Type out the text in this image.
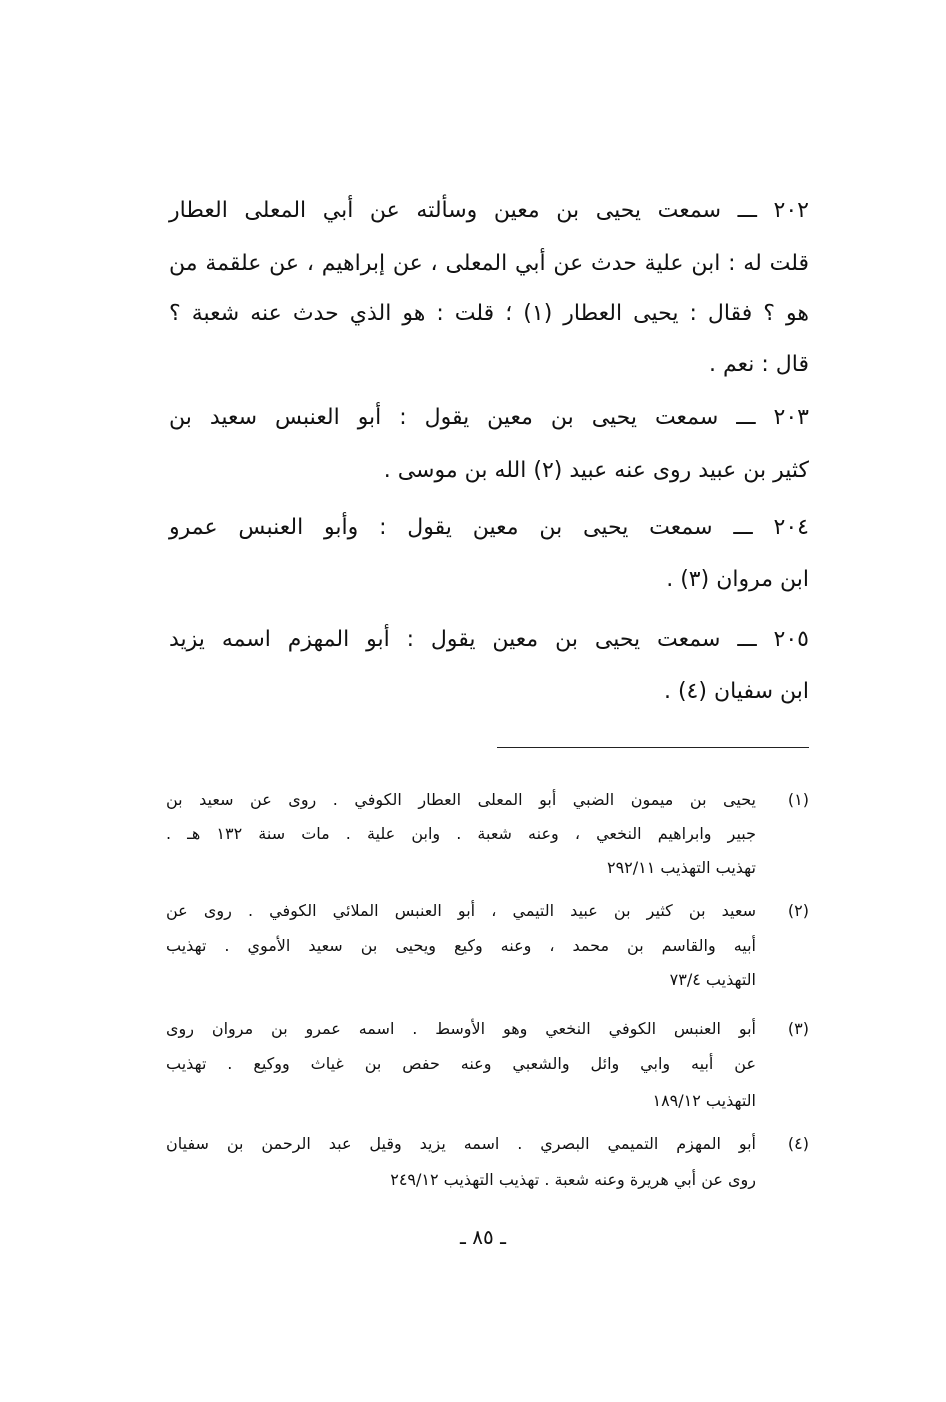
٢٠٢ ـــ سمعت يحيى بن معين وسألته عن أبي المعلى العطار
قلت له : ابن علية حدث عن أبي المعلى ، عن إبراهيم ، عن علقمة من
هو ؟ فقال : يحيى العطار (١) ؛ قلت : هو الذي حدث عنه شعبة ؟
قال : نعم .
٢٠٣ ـــ سمعت يحيى بن معين يقول : أبو العنبس سعيد بن
كثير بن عبيد روى عنه عبيد (٢) الله بن موسى .
٢٠٤ ـــ سمعت يحيى بن معين يقول : وأبو العنبس عمرو
ابن مروان (٣) .
٢٠٥ ـــ سمعت يحيى بن معين يقول : أبو المهزم اسمه يزيد
ابن سفيان (٤) .
(١)
يحيى بن ميمون الضبي أبو المعلى العطار الكوفي . روى عن سعيد بن
جبير وابراهيم النخعي ، وعنه شعبة . وابن علية . مات سنة ١٣٢ هـ .
تهذيب التهذيب ٢٩٢/١١
(٢)
سعيد بن كثير بن عبيد التيمي ، أبو العنبس الملائي الكوفي . روى عن
أبيه والقاسم بن محمد ، وعنه وكيع ويحيى بن سعيد الأموي . تهذيب
التهذيب ٧٣/٤
(٣)
أبو العنبس الكوفي النخعي وهو الأوسط . اسمه عمرو بن مروان روى
عن أبيه وابي وائل والشعبي وعنه حفص بن غياث ووكيع . تهذيب
التهذيب ١٨٩/١٢
(٤)
أبو المهزم التميمي البصري . اسمه يزيد وقيل عبد الرحمن بن سفيان
روى عن أبي هريرة وعنه شعبة . تهذيب التهذيب ٢٤٩/١٢
ـ ٨٥ ـ
